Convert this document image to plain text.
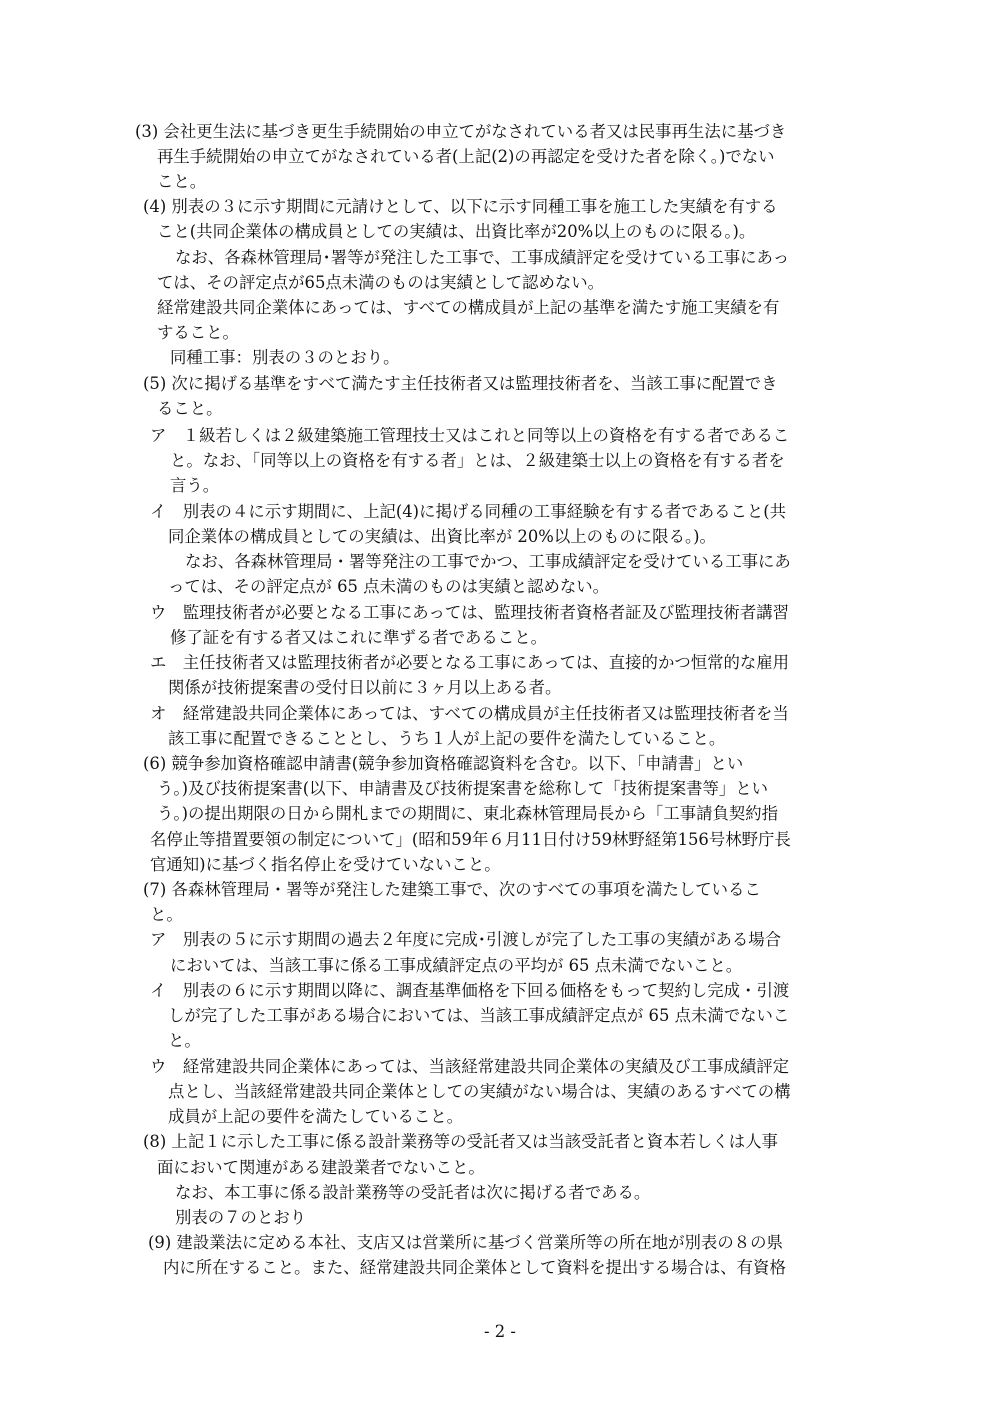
(3) 会社更生法に基づき更生手続開始の申立てがなされている者又は民事再生法に基づき

再生手続開始の申立てがなされている者(上記(2)の再認定を受けた者を除く。)でない

こと。

(4) 別表の３に示す期間に元請けとして、以下に示す同種工事を施工した実績を有する

こと(共同企業体の構成員としての実績は、出資比率が20%以上のものに限る。)。

なお、各森林管理局･署等が発注した工事で、工事成績評定を受けている工事にあっ

ては、その評定点が65点未満のものは実績として認めない。

経常建設共同企業体にあっては、すべての構成員が上記の基準を満たす施工実績を有

すること。

同種工事：別表の３のとおり。

(5) 次に掲げる基準をすべて満たす主任技術者又は監理技術者を、当該工事に配置でき

ること。

ア　１級若しくは２級建築施工管理技士又はこれと同等以上の資格を有する者であるこ

と。なお、「同等以上の資格を有する者」とは、２級建築士以上の資格を有する者を

言う。

イ　別表の４に示す期間に、上記(4)に掲げる同種の工事経験を有する者であること(共

同企業体の構成員としての実績は、出資比率が 20%以上のものに限る。)。

なお、各森林管理局・署等発注の工事でかつ、工事成績評定を受けている工事にあ

っては、その評定点が 65 点未満のものは実績と認めない。

ウ　監理技術者が必要となる工事にあっては、監理技術者資格者証及び監理技術者講習

修了証を有する者又はこれに準ずる者であること。

エ　主任技術者又は監理技術者が必要となる工事にあっては、直接的かつ恒常的な雇用

関係が技術提案書の受付日以前に３ヶ月以上ある者。

オ　経常建設共同企業体にあっては、すべての構成員が主任技術者又は監理技術者を当

該工事に配置できることとし、うち１人が上記の要件を満たしていること。

(6) 競争参加資格確認申請書(競争参加資格確認資料を含む。以下、「申請書」とい

う。)及び技術提案書(以下、申請書及び技術提案書を総称して「技術提案書等」とい

う。)の提出期限の日から開札までの期間に、東北森林管理局長から「工事請負契約指

名停止等措置要領の制定について」(昭和59年６月11日付け59林野経第156号林野庁長

官通知)に基づく指名停止を受けていないこと。

(7) 各森林管理局・署等が発注した建築工事で、次のすべての事項を満たしているこ

と。

ア　別表の５に示す期間の過去２年度に完成･引渡しが完了した工事の実績がある場合

においては、当該工事に係る工事成績評定点の平均が 65 点未満でないこと。

イ　別表の６に示す期間以降に、調査基準価格を下回る価格をもって契約し完成・引渡

しが完了した工事がある場合においては、当該工事成績評定点が 65 点未満でないこ

と。

ウ　経常建設共同企業体にあっては、当該経常建設共同企業体の実績及び工事成績評定

点とし、当該経常建設共同企業体としての実績がない場合は、実績のあるすべての構

成員が上記の要件を満たしていること。

(8) 上記１に示した工事に係る設計業務等の受託者又は当該受託者と資本若しくは人事

面において関連がある建設業者でないこと。

なお、本工事に係る設計業務等の受託者は次に掲げる者である。

別表の７のとおり

(9) 建設業法に定める本社、支店又は営業所に基づく営業所等の所在地が別表の８の県

内に所在すること。また、経常建設共同企業体として資料を提出する場合は、有資格

- 2 -
